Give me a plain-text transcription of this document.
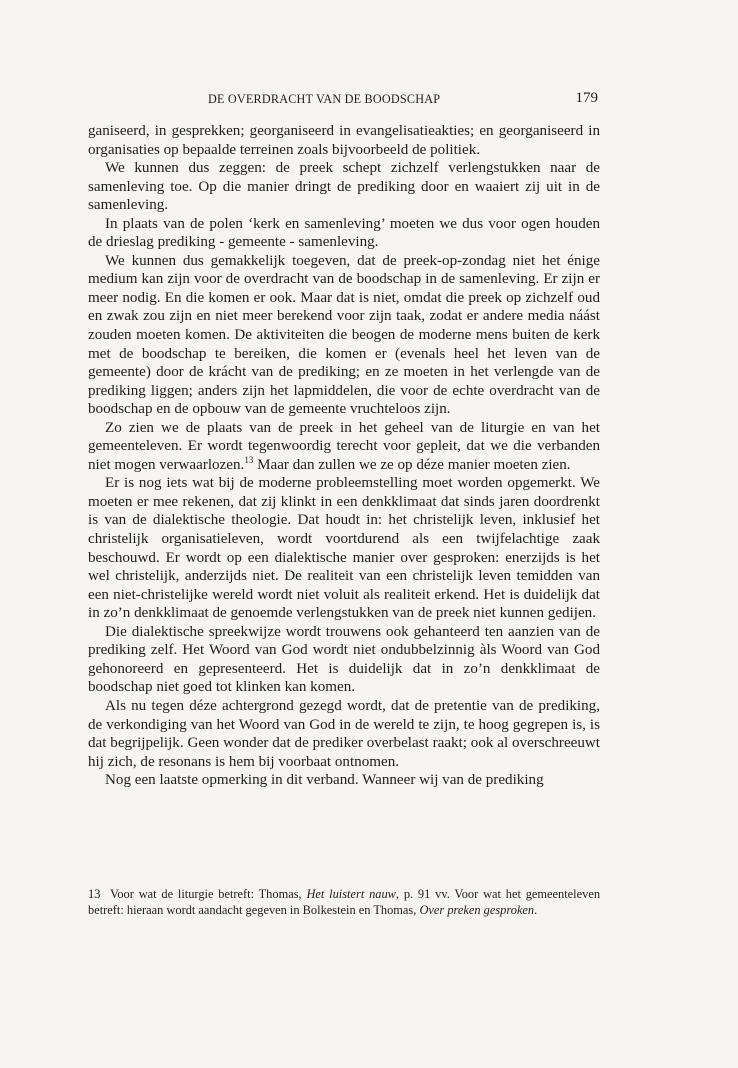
DE OVERDRACHT VAN DE BOODSCHAP	179

ganiseerd, in gesprekken; georganiseerd in evangelisatieakties; en georganiseerd in organisaties op bepaalde terreinen zoals bijvoorbeeld de politiek.

We kunnen dus zeggen: de preek schept zichzelf verlengstukken naar de samenleving toe. Op die manier dringt de prediking door en waaiert zij uit in de samenleving.

In plaats van de polen ‘kerk en samenleving’ moeten we dus voor ogen houden de drieslag prediking - gemeente - samenleving.

We kunnen dus gemakkelijk toegeven, dat de preek-op-zondag niet het énige medium kan zijn voor de overdracht van de boodschap in de samenleving. Er zijn er meer nodig. En die komen er ook. Maar dat is niet, omdat die preek op zichzelf oud en zwak zou zijn en niet meer berekend voor zijn taak, zodat er andere media náást zouden moeten komen. De aktiviteiten die beogen de moderne mens buiten de kerk met de boodschap te bereiken, die komen er (evenals heel het leven van de gemeente) door de krácht van de prediking; en ze moeten in het verlengde van de prediking liggen; anders zijn het lapmiddelen, die voor de echte overdracht van de boodschap en de opbouw van de gemeente vruchteloos zijn.

Zo zien we de plaats van de preek in het geheel van de liturgie en van het gemeenteleven. Er wordt tegenwoordig terecht voor gepleit, dat we die verbanden niet mogen verwaarlozen.$^{13}$ Maar dan zullen we ze op déze manier moeten zien.

Er is nog iets wat bij de moderne probleemstelling moet worden opgemerkt. We moeten er mee rekenen, dat zij klinkt in een denkklimaat dat sinds jaren doordrenkt is van de dialektische theologie. Dat houdt in: het christelijk leven, inklusief het christelijk organisatieleven, wordt voortdurend als een twijfelachtige zaak beschouwd. Er wordt op een dialektische manier over gesproken: enerzijds is het wel christelijk, anderzijds niet. De realiteit van een christelijk leven temidden van een niet-christelijke wereld wordt niet voluit als realiteit erkend. Het is duidelijk dat in zo’n denkklimaat de genoemde verlengstukken van de preek niet kunnen gedijen.

Die dialektische spreekwijze wordt trouwens ook gehanteerd ten aanzien van de prediking zelf. Het Woord van God wordt niet ondubbelzinnig àls Woord van God gehonoreerd en gepresenteerd. Het is duidelijk dat in zo’n denkklimaat de boodschap niet goed tot klinken kan komen.

Als nu tegen déze achtergrond gezegd wordt, dat de pretentie van de prediking, de verkondiging van het Woord van God in de wereld te zijn, te hoog gegrepen is, is dat begrijpelijk. Geen wonder dat de prediker overbelast raakt; ook al overschreeuwt hij zich, de resonans is hem bij voorbaat ontnomen.

Nog een laatste opmerking in dit verband. Wanneer wij van de prediking

13 Voor wat de liturgie betreft: Thomas, Het luistert nauw, p. 91 vv. Voor wat het gemeenteleven betreft: hieraan wordt aandacht gegeven in Bolkestein en Thomas, Over preken gesproken.
